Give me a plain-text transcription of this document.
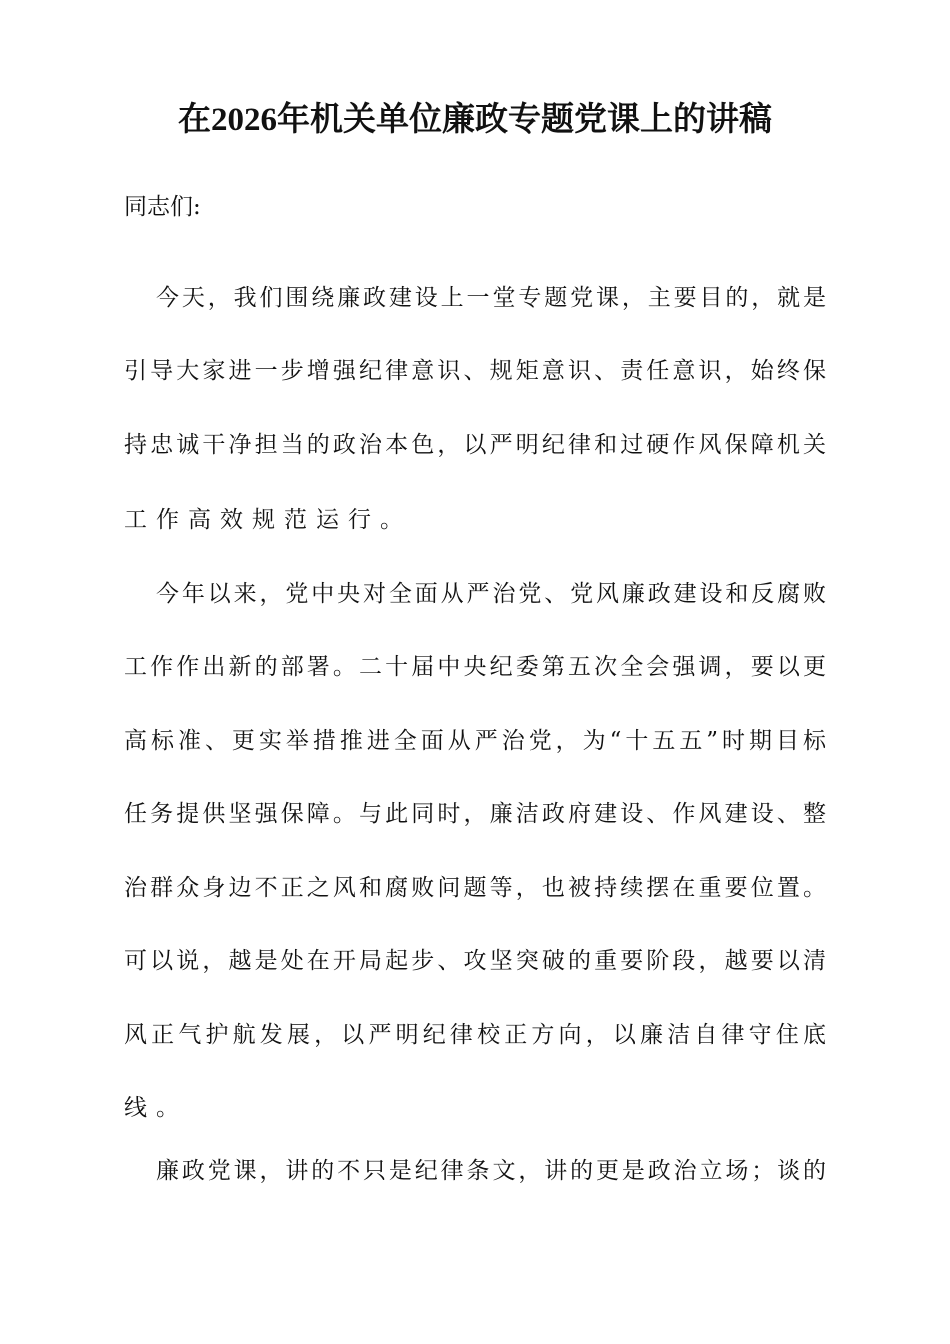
在2026年机关单位廉政专题党课上的讲稿
同志们:
今天，我们围绕廉政建设上一堂专题党课，主要目的，就是
引导大家进一步增强纪律意识、规矩意识、责任意识，始终保
持忠诚干净担当的政治本色，以严明纪律和过硬作风保障机关
工作高效规范运行。
今年以来，党中央对全面从严治党、党风廉政建设和反腐败
工作作出新的部署。二十届中央纪委第五次全会强调，要以更
高标准、更实举措推进全面从严治党，为“十五五”时期目标
任务提供坚强保障。与此同时，廉洁政府建设、作风建设、整
治群众身边不正之风和腐败问题等，也被持续摆在重要位置。
可以说，越是处在开局起步、攻坚突破的重要阶段，越要以清
风正气护航发展，以严明纪律校正方向，以廉洁自律守住底
线。
廉政党课，讲的不只是纪律条文，讲的更是政治立场；谈的
